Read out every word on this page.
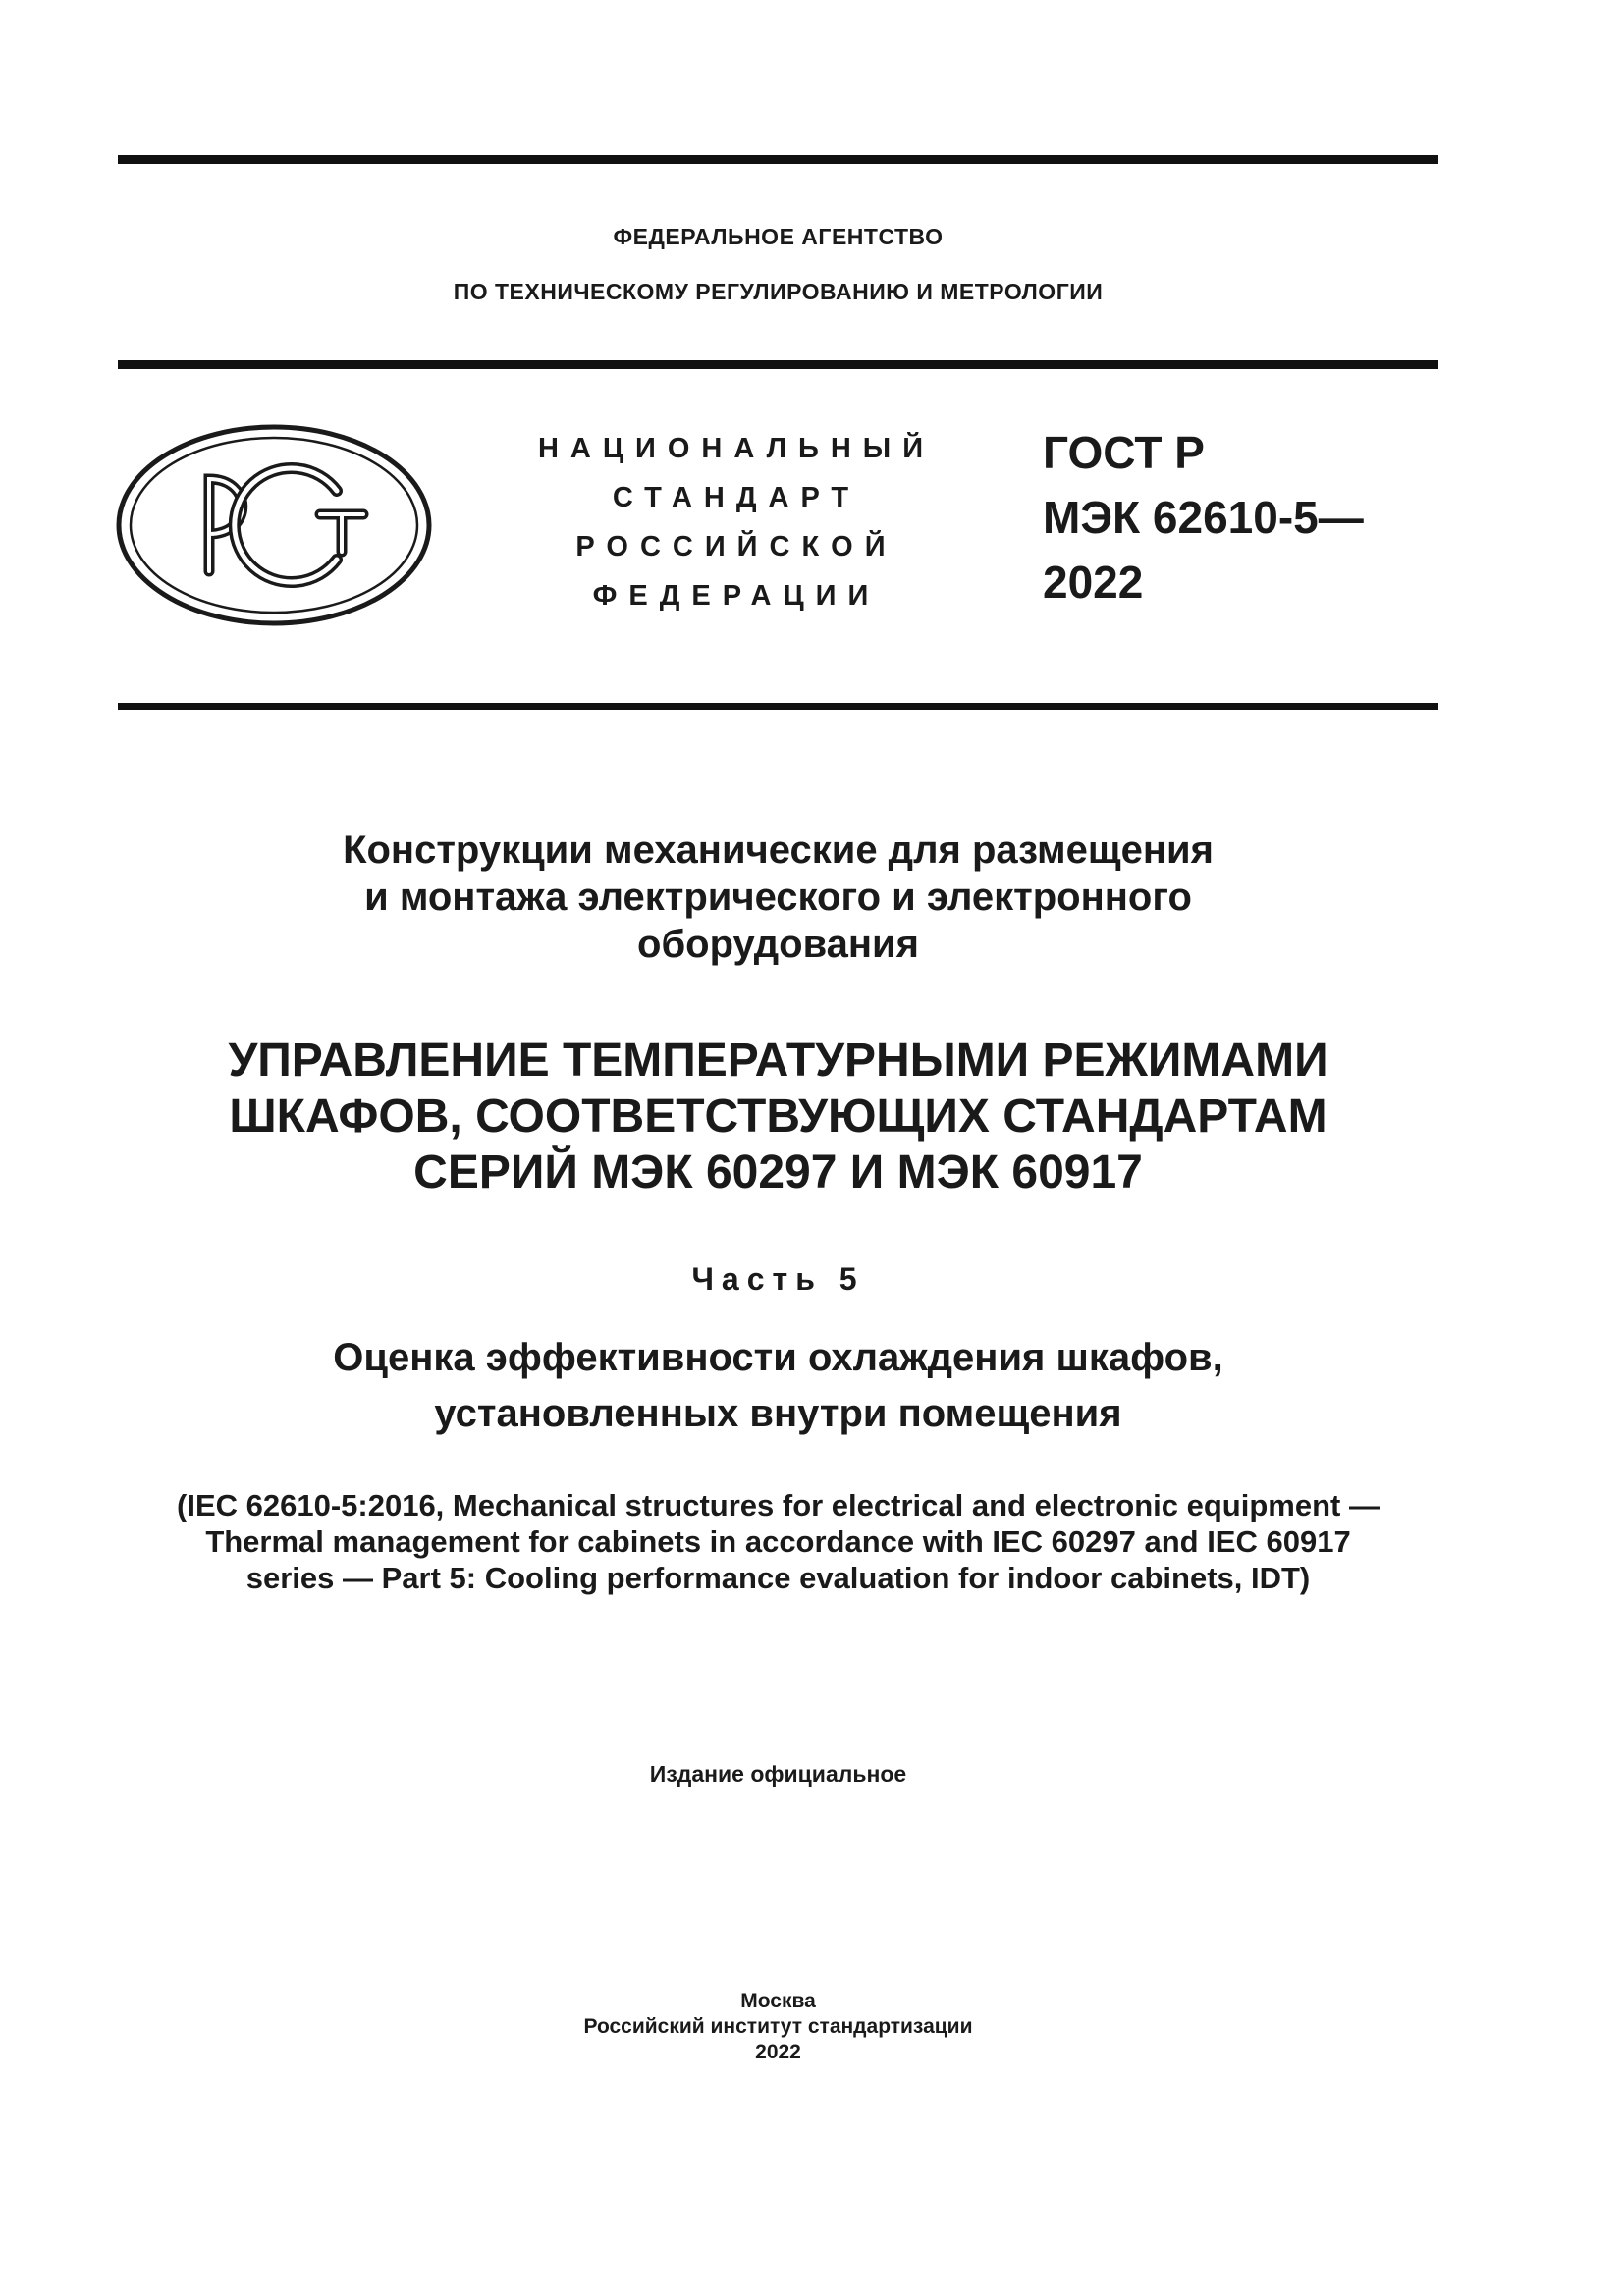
ФЕДЕРАЛЬНОЕ АГЕНТСТВО
ПО ТЕХНИЧЕСКОМУ РЕГУЛИРОВАНИЮ И МЕТРОЛОГИИ
НАЦИОНАЛЬНЫЙ
СТАНДАРТ
РОССИЙСКОЙ
ФЕДЕРАЦИИ
ГОСТ Р
МЭК 62610-5—
2022
Конструкции механические для размещения
и монтажа электрического и электронного
оборудования
УПРАВЛЕНИЕ ТЕМПЕРАТУРНЫМИ РЕЖИМАМИ
ШКАФОВ, СООТВЕТСТВУЮЩИХ СТАНДАРТАМ
СЕРИЙ МЭК 60297 И МЭК 60917
Часть 5
Оценка эффективности охлаждения шкафов,
установленных внутри помещения
(IEC 62610-5:2016, Mechanical structures for electrical and electronic equipment —
Thermal management for cabinets in accordance with IEC 60297 and IEC 60917
series — Part 5: Cooling performance evaluation for indoor cabinets, IDT)
Издание официальное
Москва
Российский институт стандартизации
2022
